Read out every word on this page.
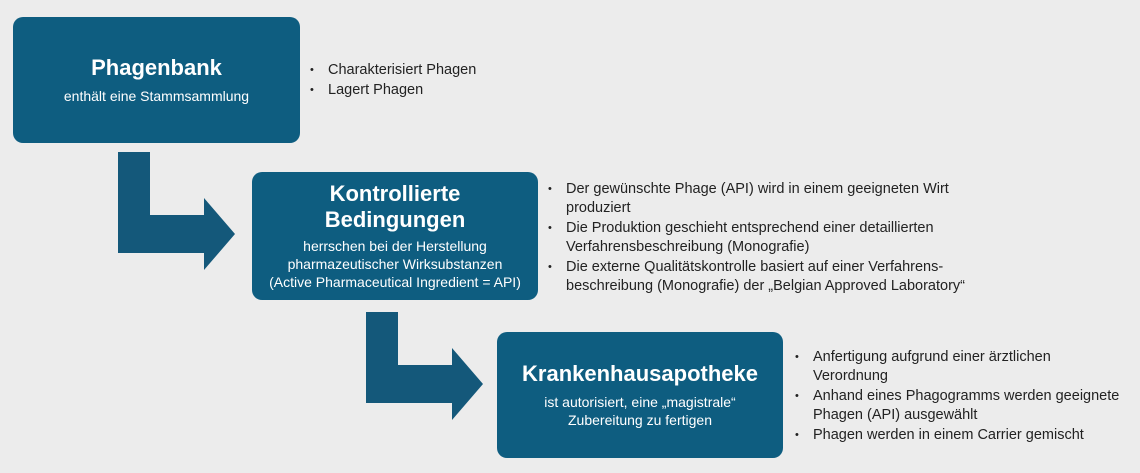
Phagenbank
enthält eine Stammsammlung
• Charakterisiert Phagen
• Lagert Phagen
Kontrollierte
Bedingungen
herrschen bei der Herstellung
pharmazeutischer Wirksubstanzen
(Active Pharmaceutical Ingredient = API)
• Der gewünschte Phage (API) wird in einem geeigneten Wirt produziert
• Die Produktion geschieht entsprechend einer detaillierten Verfahrensbeschreibung (Monografie)
• Die externe Qualitätskontrolle basiert auf einer Verfahrens-beschreibung (Monografie) der „Belgian Approved Laboratory“
Krankenhausapotheke
ist autorisiert, eine „magistrale“
Zubereitung zu fertigen
• Anfertigung aufgrund einer ärztlichen Verordnung
• Anhand eines Phagogramms werden geeignete Phagen (API) ausgewählt
• Phagen werden in einem Carrier gemischt
